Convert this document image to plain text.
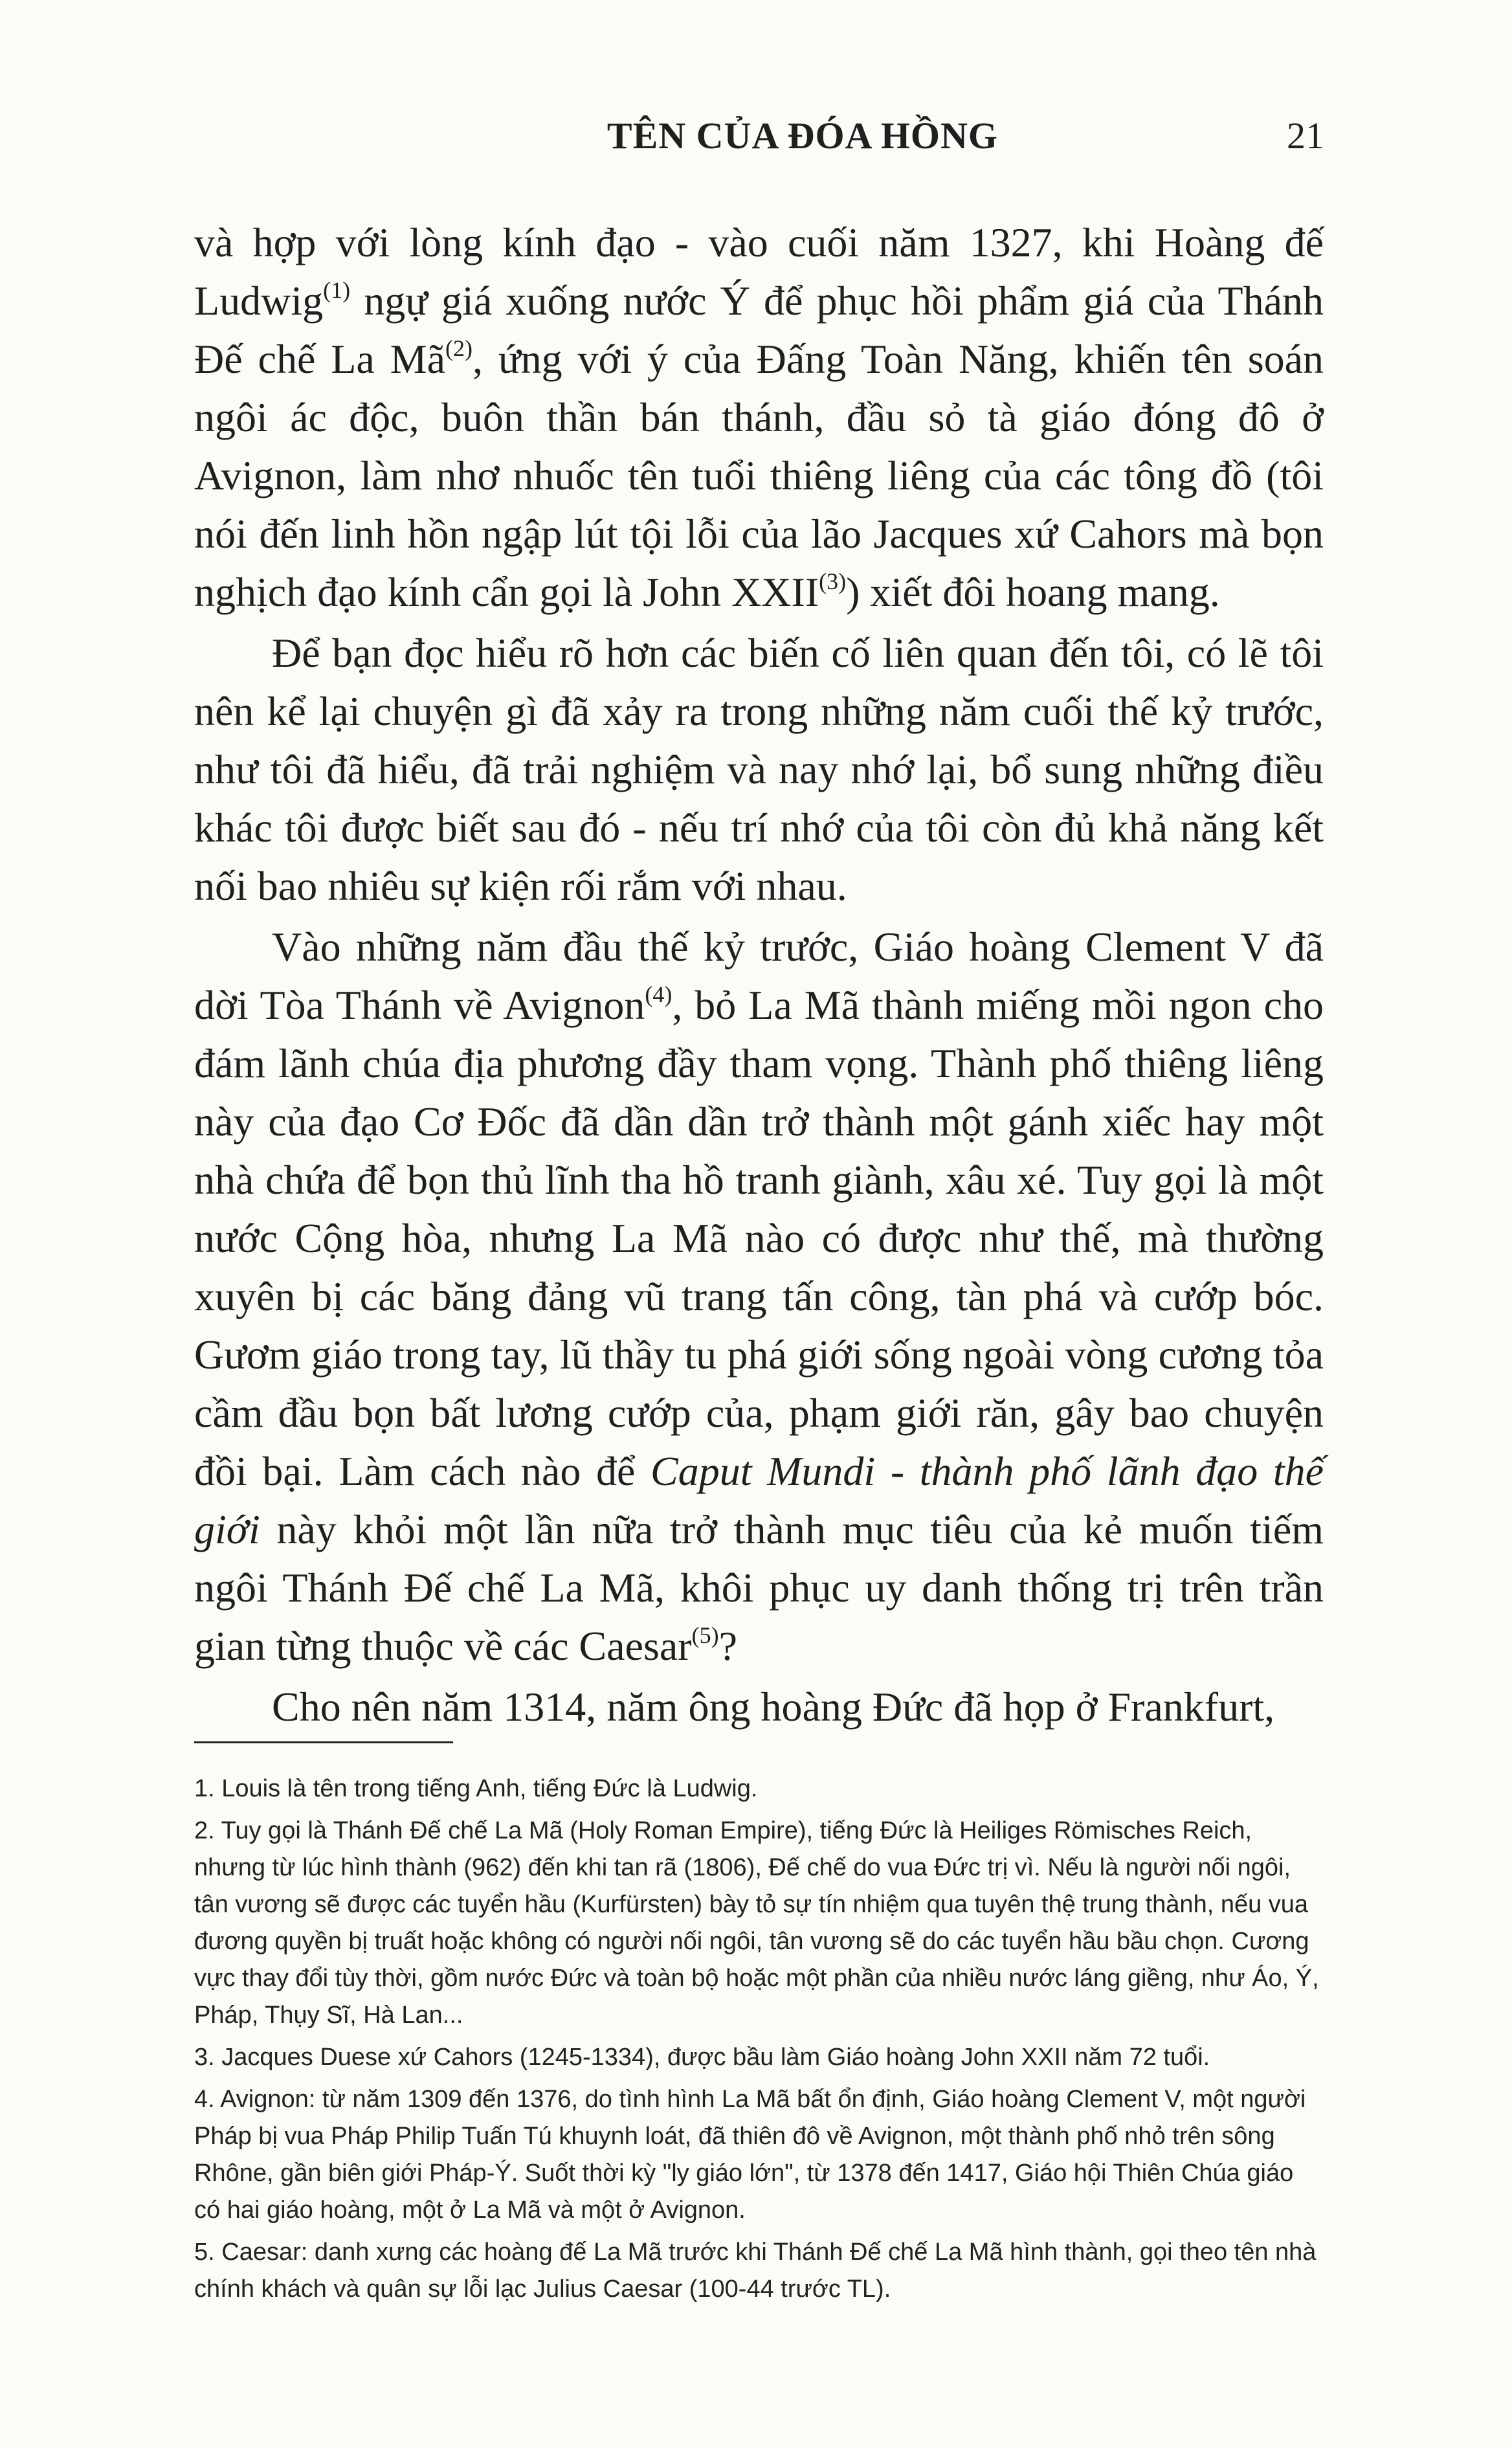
TÊN CỦA ĐÓA HỒNG	21

và hợp với lòng kính đạo - vào cuối năm 1327, khi Hoàng đế Ludwig$^{(1)}$ ngự giá xuống nước Ý để phục hồi phẩm giá của Thánh Đế chế La Mã$^{(2)}$, ứng với ý của Đấng Toàn Năng, khiến tên soán ngôi ác độc, buôn thần bán thánh, đầu sỏ tà giáo đóng đô ở Avignon, làm nhơ nhuốc tên tuổi thiêng liêng của các tông đồ (tôi nói đến linh hồn ngập lút tội lỗi của lão Jacques xứ Cahors mà bọn nghịch đạo kính cẩn gọi là John XXII$^{(3)}$) xiết đôi hoang mang.

Để bạn đọc hiểu rõ hơn các biến cố liên quan đến tôi, có lẽ tôi nên kể lại chuyện gì đã xảy ra trong những năm cuối thế kỷ trước, như tôi đã hiểu, đã trải nghiệm và nay nhớ lại, bổ sung những điều khác tôi được biết sau đó - nếu trí nhớ của tôi còn đủ khả năng kết nối bao nhiêu sự kiện rối rắm với nhau.

Vào những năm đầu thế kỷ trước, Giáo hoàng Clement V đã dời Tòa Thánh về Avignon$^{(4)}$, bỏ La Mã thành miếng mồi ngon cho đám lãnh chúa địa phương đầy tham vọng. Thành phố thiêng liêng này của đạo Cơ Đốc đã dần dần trở thành một gánh xiếc hay một nhà chứa để bọn thủ lĩnh tha hồ tranh giành, xâu xé. Tuy gọi là một nước Cộng hòa, nhưng La Mã nào có được như thế, mà thường xuyên bị các băng đảng vũ trang tấn công, tàn phá và cướp bóc. Gươm giáo trong tay, lũ thầy tu phá giới sống ngoài vòng cương tỏa cầm đầu bọn bất lương cướp của, phạm giới răn, gây bao chuyện đồi bại. Làm cách nào để Caput Mundi - thành phố lãnh đạo thế giới này khỏi một lần nữa trở thành mục tiêu của kẻ muốn tiếm ngôi Thánh Đế chế La Mã, khôi phục uy danh thống trị trên trần gian từng thuộc về các Caesar$^{(5)}$?

Cho nên năm 1314, năm ông hoàng Đức đã họp ở Frankfurt,

1. Louis là tên trong tiếng Anh, tiếng Đức là Ludwig.

2. Tuy gọi là Thánh Đế chế La Mã (Holy Roman Empire), tiếng Đức là Heiliges Römisches Reich, nhưng từ lúc hình thành (962) đến khi tan rã (1806), Đế chế do vua Đức trị vì. Nếu là người nối ngôi, tân vương sẽ được các tuyển hầu (Kurfürsten) bày tỏ sự tín nhiệm qua tuyên thệ trung thành, nếu vua đương quyền bị truất hoặc không có người nối ngôi, tân vương sẽ do các tuyển hầu bầu chọn. Cương vực thay đổi tùy thời, gồm nước Đức và toàn bộ hoặc một phần của nhiều nước láng giềng, như Áo, Ý, Pháp, Thụy Sĩ, Hà Lan...

3. Jacques Duese xứ Cahors (1245-1334), được bầu làm Giáo hoàng John XXII năm 72 tuổi.

4. Avignon: từ năm 1309 đến 1376, do tình hình La Mã bất ổn định, Giáo hoàng Clement V, một người Pháp bị vua Pháp Philip Tuấn Tú khuynh loát, đã thiên đô về Avignon, một thành phố nhỏ trên sông Rhône, gần biên giới Pháp-Ý. Suốt thời kỳ "ly giáo lớn", từ 1378 đến 1417, Giáo hội Thiên Chúa giáo có hai giáo hoàng, một ở La Mã và một ở Avignon.

5. Caesar: danh xưng các hoàng đế La Mã trước khi Thánh Đế chế La Mã hình thành, gọi theo tên nhà chính khách và quân sự lỗi lạc Julius Caesar (100-44 trước TL).
